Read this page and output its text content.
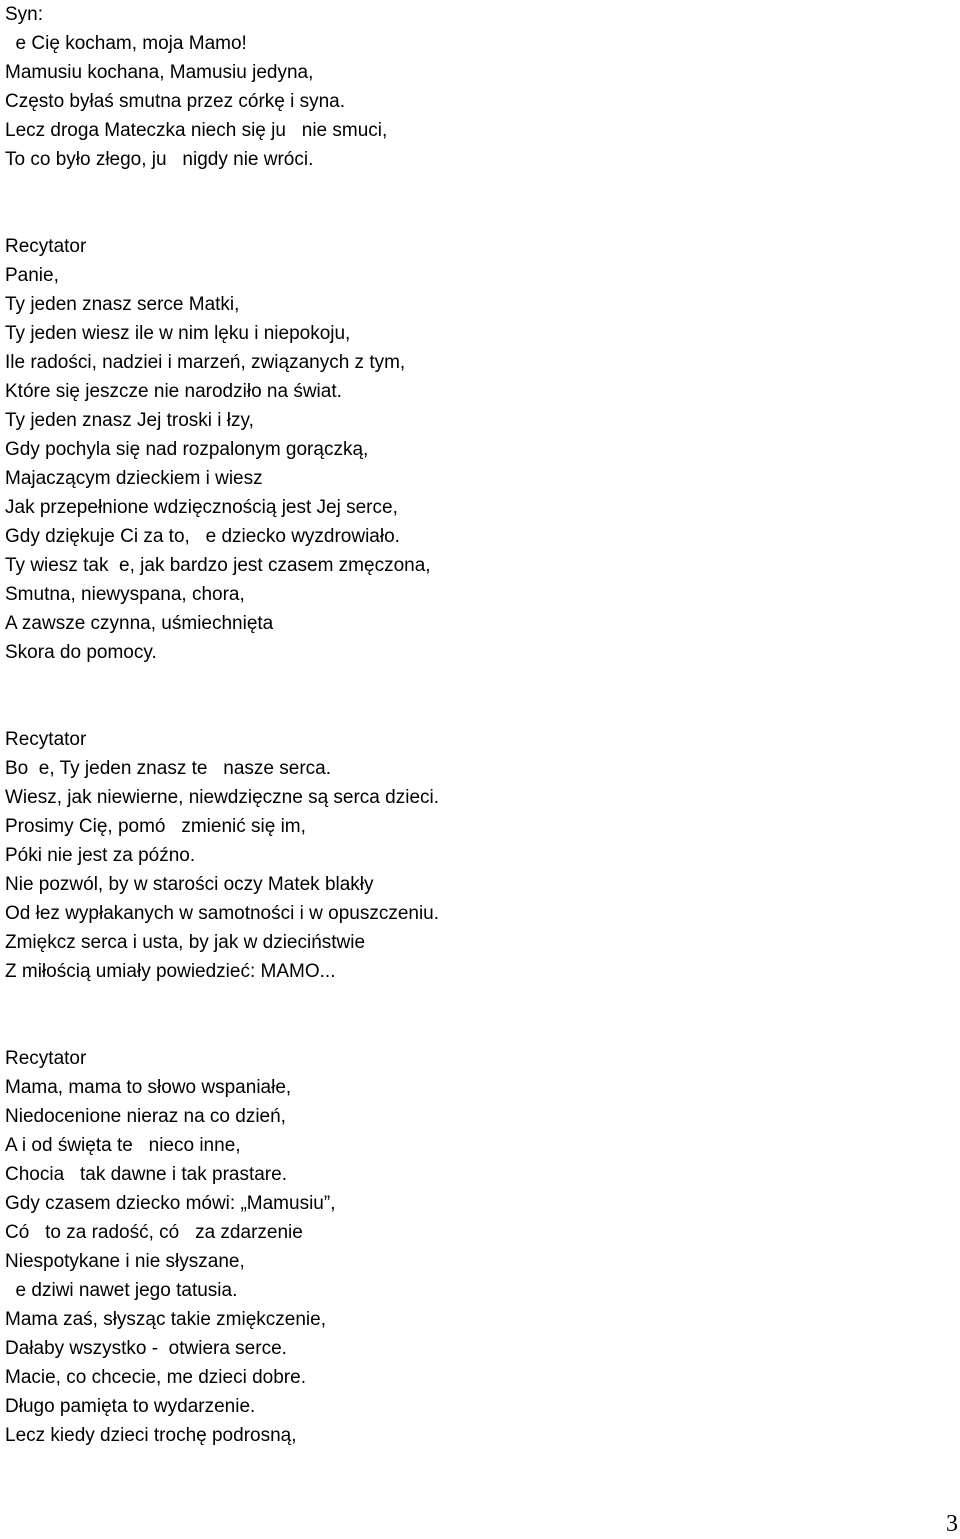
Syn:
e Cię kocham, moja Mamo!
Mamusiu kochana, Mamusiu jedyna,
Często byłaś smutna przez córkę i syna.
Lecz droga Mateczka niech się ju   nie smuci,
To co było złego, ju   nigdy nie wróci.
Recytator
Panie,
Ty jeden znasz serce Matki,
Ty jeden wiesz ile w nim lęku i niepokoju,
Ile radości, nadziei i marzeń, związanych z tym,
Które się jeszcze nie narodziło na świat.
Ty jeden znasz Jej troski i łzy,
Gdy pochyla się nad rozpalonym gorączką,
Majaczącym dzieckiem i wiesz
Jak przepełnione wdzięcznością jest Jej serce,
Gdy dziękuje Ci za to,   e dziecko wyzdrowiało.
Ty wiesz tak  e, jak bardzo jest czasem zmęczona,
Smutna, niewyspana, chora,
A zawsze czynna, uśmiechnięta
Skora do pomocy.
Recytator
Bo  e, Ty jeden znasz te   nasze serca.
Wiesz, jak niewierne, niewdzięczne są serca dzieci.
Prosimy Cię, pomó   zmienić się im,
Póki nie jest za późno.
Nie pozwól, by w starości oczy Matek blakły
Od łez wypłakanych w samotności i w opuszczeniu.
Zmiękcz serca i usta, by jak w dzieciństwie
Z miłością umiały powiedzieć: MAMO...
Recytator
Mama, mama to słowo wspaniałe,
Niedocenione nieraz na co dzień,
A i od święta te   nieco inne,
Chocia   tak dawne i tak prastare.
Gdy czasem dziecko mówi: „Mamusiu”,
Có   to za radość, có   za zdarzenie
Niespotykane i nie słyszane,
e dziwi nawet jego tatusia.
Mama zaś, słysząc takie zmiękczenie,
Dałaby wszystko -  otwiera serce.
Macie, co chcecie, me dzieci dobre.
Długo pamięta to wydarzenie.
Lecz kiedy dzieci trochę podrosną,
3
